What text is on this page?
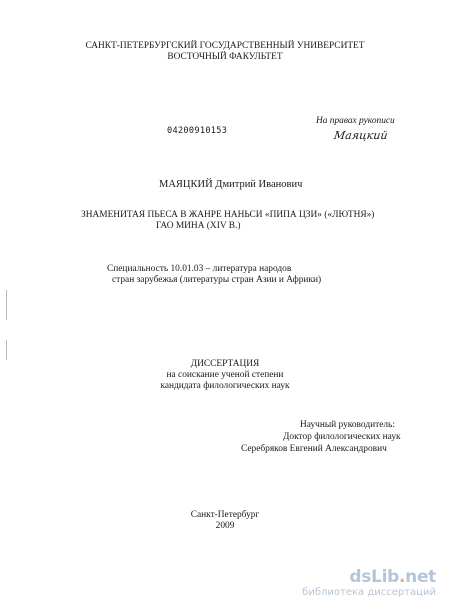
САНКТ-ПЕТЕРБУРГСКИЙ ГОСУДАРСТВЕННЫЙ УНИВЕРСИТЕТ
ВОСТОЧНЫЙ ФАКУЛЬТЕТ
04200910153
На правах рукописи
Маяцкий
МАЯЦКИЙ Дмитрий Иванович
ЗНАМЕНИТАЯ ПЬЕСА В ЖАНРЕ НАНЬСИ «ПИПА ЦЗИ» («ЛЮТНЯ»)
ГАО МИНА (XIV В.)
Специальность 10.01.03 – литература народов
стран зарубежья (литературы стран Азии и Африки)
ДИССЕРТАЦИЯ
на соискание ученой степени
кандидата филологических наук
Научный руководитель:
Доктор филологических наук
Серебряков Евгений Александрович
Санкт-Петербург
2009
dsLib.net
библиотека диссертаций
